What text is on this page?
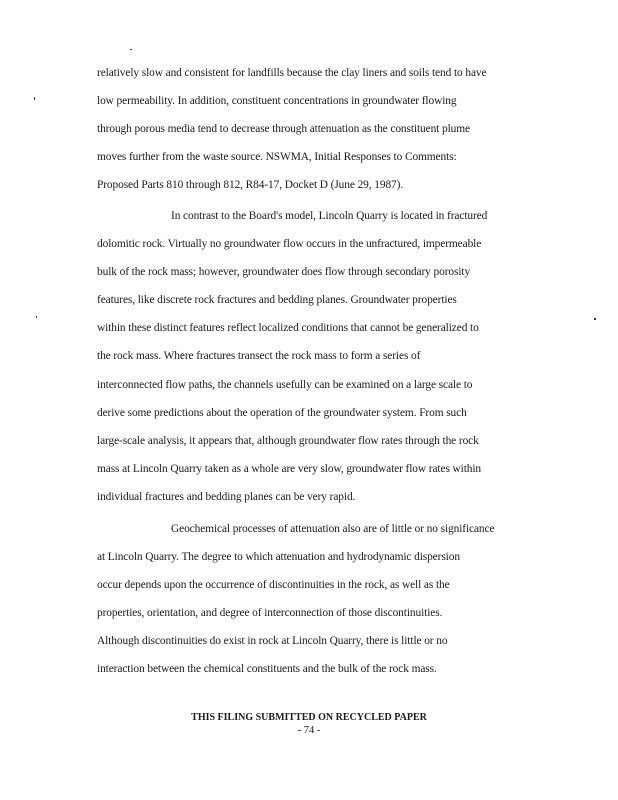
relatively slow and consistent for landfills because the clay liners and soils tend to have
low permeability. In addition, constituent concentrations in groundwater flowing
through porous media tend to decrease through attenuation as the constituent plume
moves further from the waste source. NSWMA, Initial Responses to Comments:
Proposed Parts 810 through 812, R84-17, Docket D (June 29, 1987).
In contrast to the Board's model, Lincoln Quarry is located in fractured
dolomitic rock. Virtually no groundwater flow occurs in the unfractured, impermeable
bulk of the rock mass; however, groundwater does flow through secondary porosity
features, like discrete rock fractures and bedding planes. Groundwater properties
within these distinct features reflect localized conditions that cannot be generalized to
the rock mass. Where fractures transect the rock mass to form a series of
interconnected flow paths, the channels usefully can be examined on a large scale to
derive some predictions about the operation of the groundwater system. From such
large-scale analysis, it appears that, although groundwater flow rates through the rock
mass at Lincoln Quarry taken as a whole are very slow, groundwater flow rates within
individual fractures and bedding planes can be very rapid.
Geochemical processes of attenuation also are of little or no significance
at Lincoln Quarry. The degree to which attenuation and hydrodynamic dispersion
occur depends upon the occurrence of discontinuities in the rock, as well as the
properties, orientation, and degree of interconnection of those discontinuities.
Although discontinuities do exist in rock at Lincoln Quarry, there is little or no
interaction between the chemical constituents and the bulk of the rock mass.
THIS FILING SUBMITTED ON RECYCLED PAPER
- 74 -
